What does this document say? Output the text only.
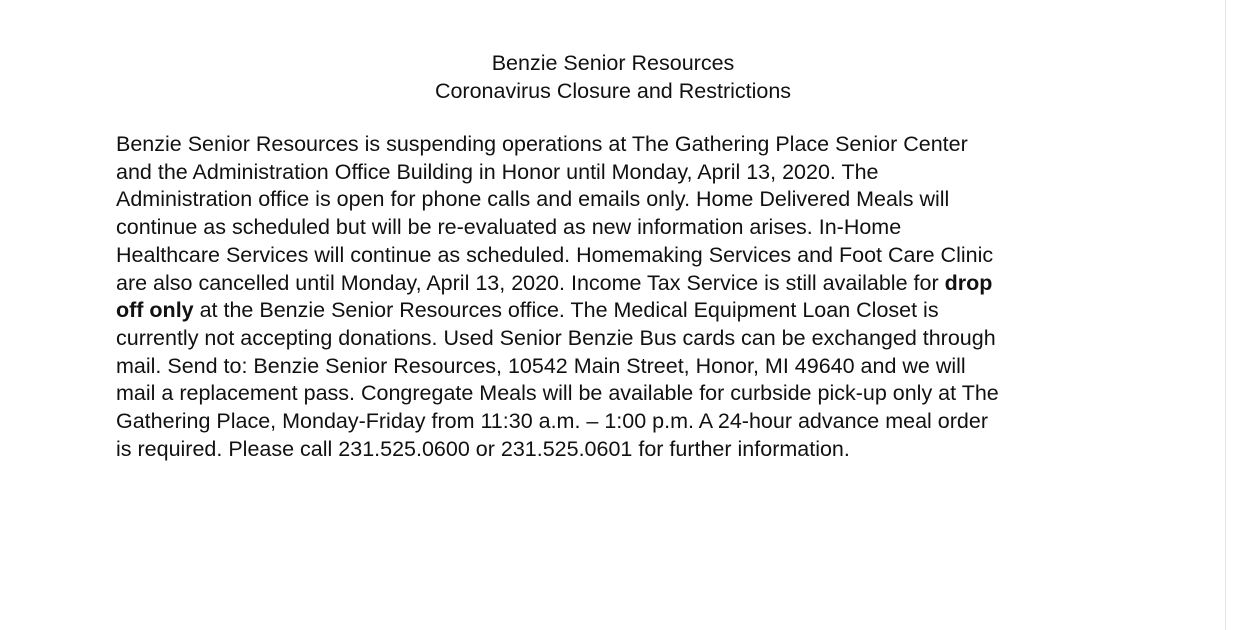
Benzie Senior Resources
Coronavirus Closure and Restrictions
Benzie Senior Resources is suspending operations at The Gathering Place Senior Center
and the Administration Office Building in Honor until Monday, April 13, 2020. The
Administration office is open for phone calls and emails only. Home Delivered Meals will
continue as scheduled but will be re-evaluated as new information arises. In-Home
Healthcare Services will continue as scheduled. Homemaking Services and Foot Care Clinic
are also cancelled until Monday, April 13, 2020. Income Tax Service is still available for drop
off only at the Benzie Senior Resources office. The Medical Equipment Loan Closet is
currently not accepting donations. Used Senior Benzie Bus cards can be exchanged through
mail. Send to: Benzie Senior Resources, 10542 Main Street, Honor, MI 49640 and we will
mail a replacement pass. Congregate Meals will be available for curbside pick-up only at The
Gathering Place, Monday-Friday from 11:30 a.m. – 1:00 p.m. A 24-hour advance meal order
is required. Please call 231.525.0600 or 231.525.0601 for further information.
